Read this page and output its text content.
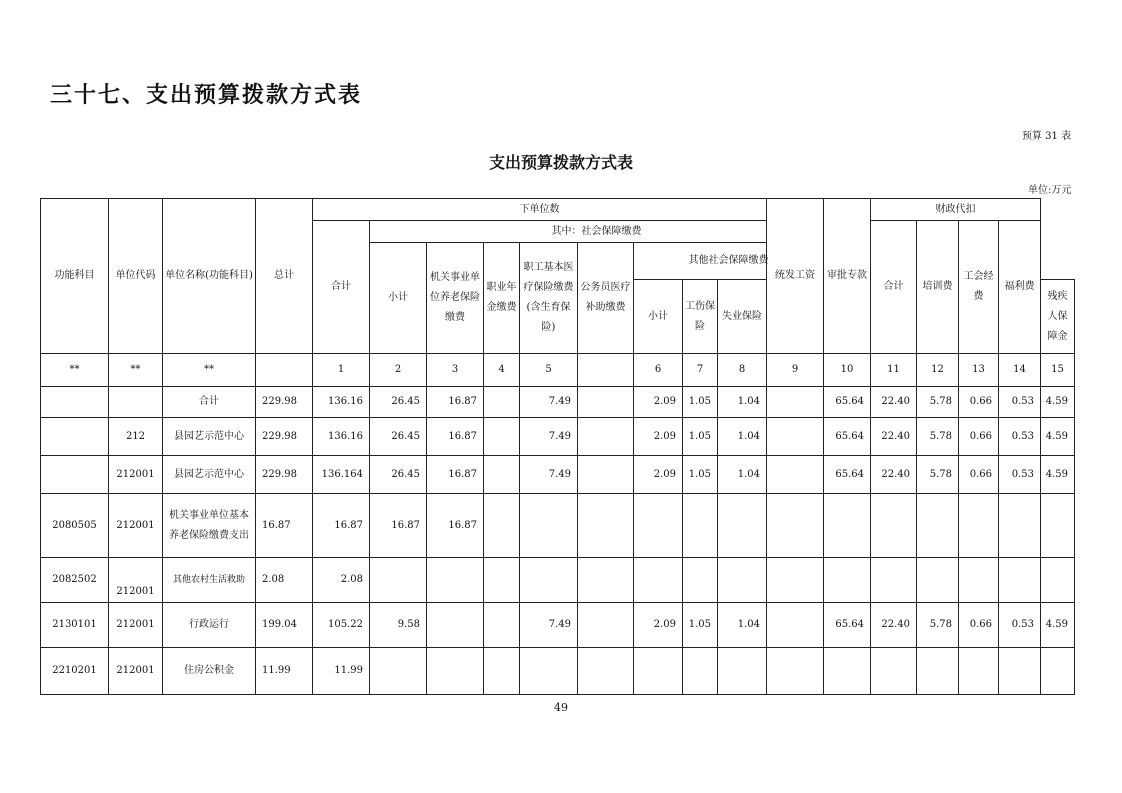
三十七、支出预算拨款方式表
预算 31 表
支出预算拨款方式表
单位:万元
功能科目	单位代码	单位名称(功能科目)	总计	下单位数									统发工资	审批专款	财政代扣				
				合计	其中：社会保障缴费										合计	培训费	工会经费	福利费	
					小计	机关事业单位养老保险缴费	职业年金缴费	职工基本医疗保险缴费(含生育保险)	公务员医疗补助缴费	其他社会保障缴费									
										小计	工伤保险	失业保险							残疾人保障金
**	**	**		1	2	3	4	5		6	7	8	9	10	11	12	13	14	15
		合计	229.98	136.16	26.45	16.87		7.49		2.09	1.05	1.04		65.64	22.40	5.78	0.66	0.53	4.59
	212	县园艺示范中心	229.98	136.16	26.45	16.87		7.49		2.09	1.05	1.04		65.64	22.40	5.78	0.66	0.53	4.59
	212001	县园艺示范中心	229.98	136.164	26.45	16.87		7.49		2.09	1.05	1.04		65.64	22.40	5.78	0.66	0.53	4.59
2080505	212001	机关事业单位基本养老保险缴费支出	16.87	16.87	16.87	16.87													
2082502	212001	其他农村生活救助	2.08	2.08															
2130101	212001	行政运行	199.04	105.22	9.58			7.49		2.09	1.05	1.04		65.64	22.40	5.78	0.66	0.53	4.59
2210201	212001	住房公积金	11.99	11.99															
49
